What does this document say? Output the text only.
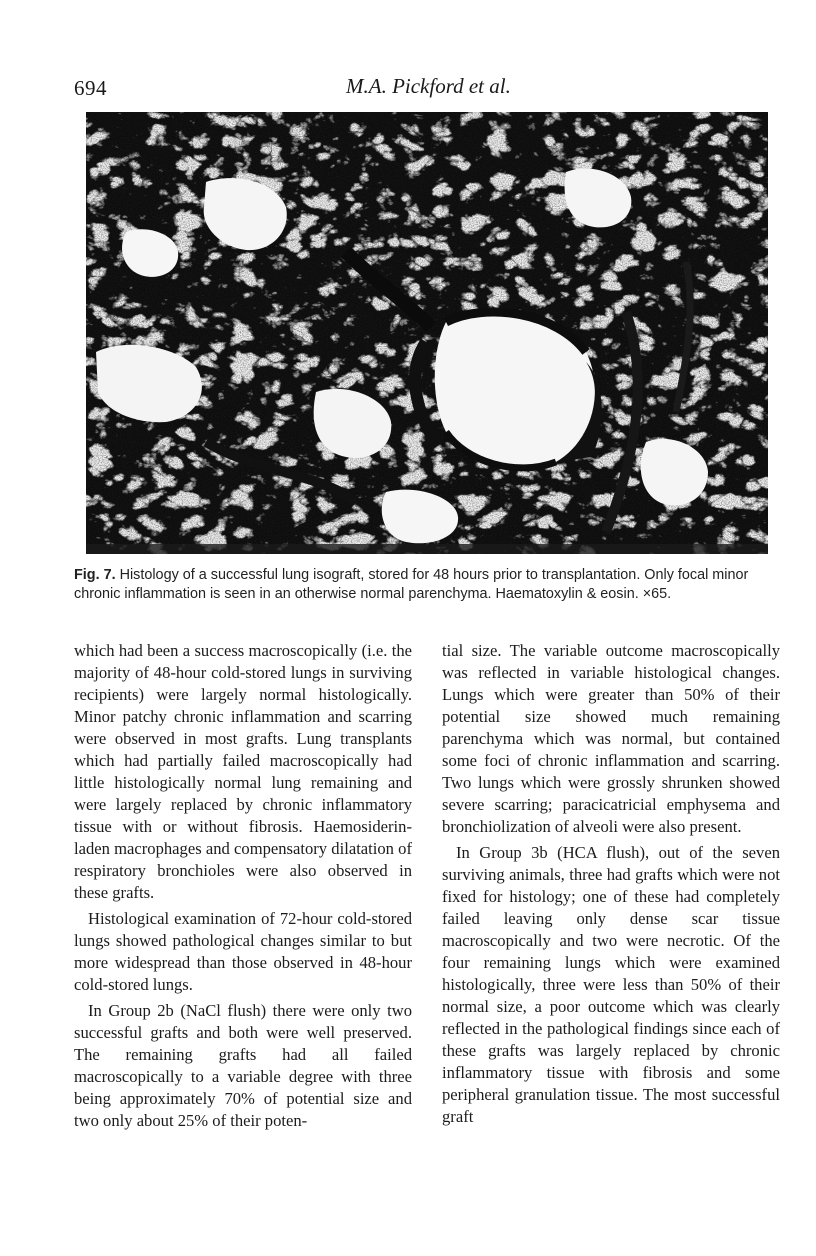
694	M.A. Pickford et al.
Fig. 7. Histology of a successful lung isograft, stored for 48 hours prior to transplantation. Only focal minor chronic inflammation is seen in an otherwise normal parenchyma. Haematoxylin & eosin. ×65.

which had been a success macroscopically (i.e. the majority of 48-hour cold-stored lungs in surviving recipients) were largely normal histologically. Minor patchy chronic inflammation and scarring were observed in most grafts. Lung transplants which had partially failed macroscopically had little histologically normal lung remaining and were largely replaced by chronic inflammatory tissue with or without fibrosis. Haemosiderin-laden macrophages and compensatory dilatation of respiratory bronchioles were also observed in these grafts.

Histological examination of 72-hour cold-stored lungs showed pathological changes similar to but more widespread than those observed in 48-hour cold-stored lungs.

In Group 2b (NaCl flush) there were only two successful grafts and both were well preserved. The remaining grafts had all failed macroscopically to a variable degree with three being approximately 70% of potential size and two only about 25% of their poten-

tial size. The variable outcome macroscopically was reflected in variable histological changes. Lungs which were greater than 50% of their potential size showed much remaining parenchyma which was normal, but contained some foci of chronic inflammation and scarring. Two lungs which were grossly shrunken showed severe scarring; paracicatricial emphysema and bronchiolization of alveoli were also present.

In Group 3b (HCA flush), out of the seven surviving animals, three had grafts which were not fixed for histology; one of these had completely failed leaving only dense scar tissue macroscopically and two were necrotic. Of the four remaining lungs which were examined histologically, three were less than 50% of their normal size, a poor outcome which was clearly reflected in the pathological findings since each of these grafts was largely replaced by chronic inflammatory tissue with fibrosis and some peripheral granulation tissue. The most successful graft
